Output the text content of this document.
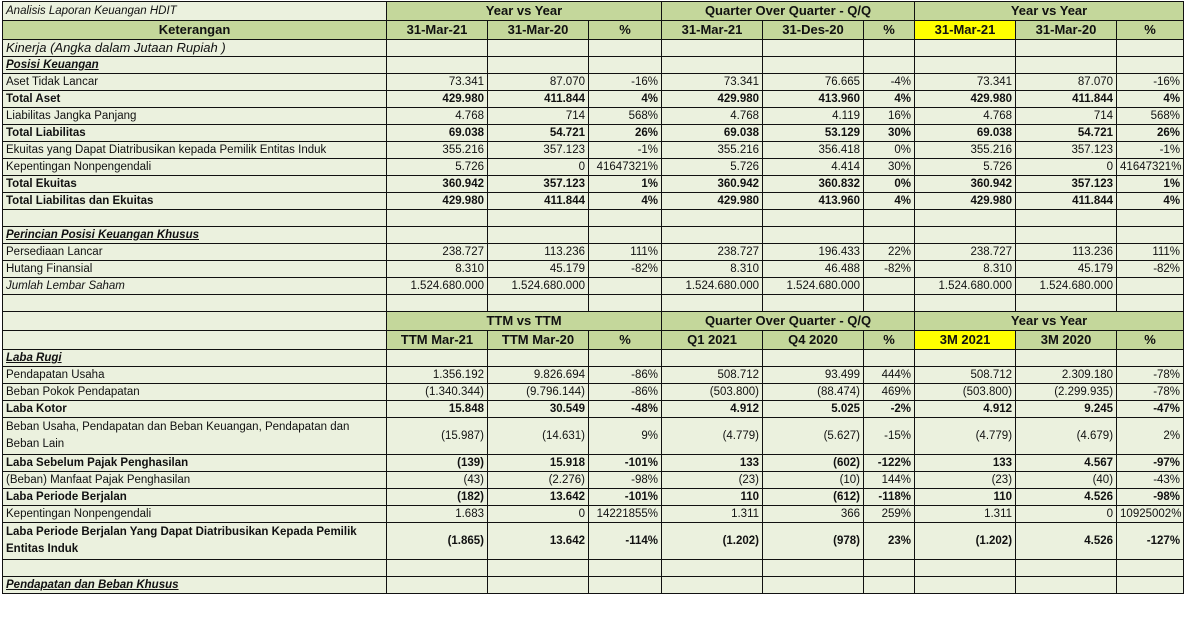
Analisis Laporan Keuangan HDIT	Year vs Year			Quarter Over Quarter - Q/Q			Year vs Year		
Keterangan	31-Mar-21	31-Mar-20	%	31-Mar-21	31-Des-20	%	31-Mar-21	31-Mar-20	%
Kinerja (Angka dalam Jutaan Rupiah )									
Posisi Keuangan									
Aset Tidak Lancar	73.341	87.070	-16%	73.341	76.665	-4%	73.341	87.070	-16%
Total Aset	429.980	411.844	4%	429.980	413.960	4%	429.980	411.844	4%
Liabilitas Jangka Panjang	4.768	714	568%	4.768	4.119	16%	4.768	714	568%
Total Liabilitas	69.038	54.721	26%	69.038	53.129	30%	69.038	54.721	26%
Ekuitas yang Dapat Diatribusikan kepada Pemilik Entitas Induk	355.216	357.123	-1%	355.216	356.418	0%	355.216	357.123	-1%
Kepentingan Nonpengendali	5.726	0	41647321%	5.726	4.414	30%	5.726	0	41647321%
Total Ekuitas	360.942	357.123	1%	360.942	360.832	0%	360.942	357.123	1%
Total Liabilitas dan Ekuitas	429.980	411.844	4%	429.980	413.960	4%	429.980	411.844	4%

Perincian Posisi Keuangan Khusus									
Persediaan Lancar	238.727	113.236	111%	238.727	196.433	22%	238.727	113.236	111%
Hutang Finansial	8.310	45.179	-82%	8.310	46.488	-82%	8.310	45.179	-82%
Jumlah Lembar Saham	1.524.680.000	1.524.680.000		1.524.680.000	1.524.680.000		1.524.680.000	1.524.680.000	

	TTM vs TTM			Quarter Over Quarter - Q/Q			Year vs Year		
	TTM Mar-21	TTM Mar-20	%	Q1 2021	Q4 2020	%	3M 2021	3M 2020	%
Laba Rugi									
Pendapatan Usaha	1.356.192	9.826.694	-86%	508.712	93.499	444%	508.712	2.309.180	-78%
Beban Pokok Pendapatan	(1.340.344)	(9.796.144)	-86%	(503.800)	(88.474)	469%	(503.800)	(2.299.935)	-78%
Laba Kotor	15.848	30.549	-48%	4.912	5.025	-2%	4.912	9.245	-47%
Beban Usaha, Pendapatan dan Beban Keuangan, Pendapatan dan Beban Lain	(15.987)	(14.631)	9%	(4.779)	(5.627)	-15%	(4.779)	(4.679)	2%
Laba Sebelum Pajak Penghasilan	(139)	15.918	-101%	133	(602)	-122%	133	4.567	-97%
(Beban) Manfaat Pajak Penghasilan	(43)	(2.276)	-98%	(23)	(10)	144%	(23)	(40)	-43%
Laba Periode Berjalan	(182)	13.642	-101%	110	(612)	-118%	110	4.526	-98%
Kepentingan Nonpengendali	1.683	0	14221855%	1.311	366	259%	1.311	0	10925002%
Laba Periode Berjalan Yang Dapat Diatribusikan Kepada Pemilik Entitas Induk	(1.865)	13.642	-114%	(1.202)	(978)	23%	(1.202)	4.526	-127%

Pendapatan dan Beban Khusus									
